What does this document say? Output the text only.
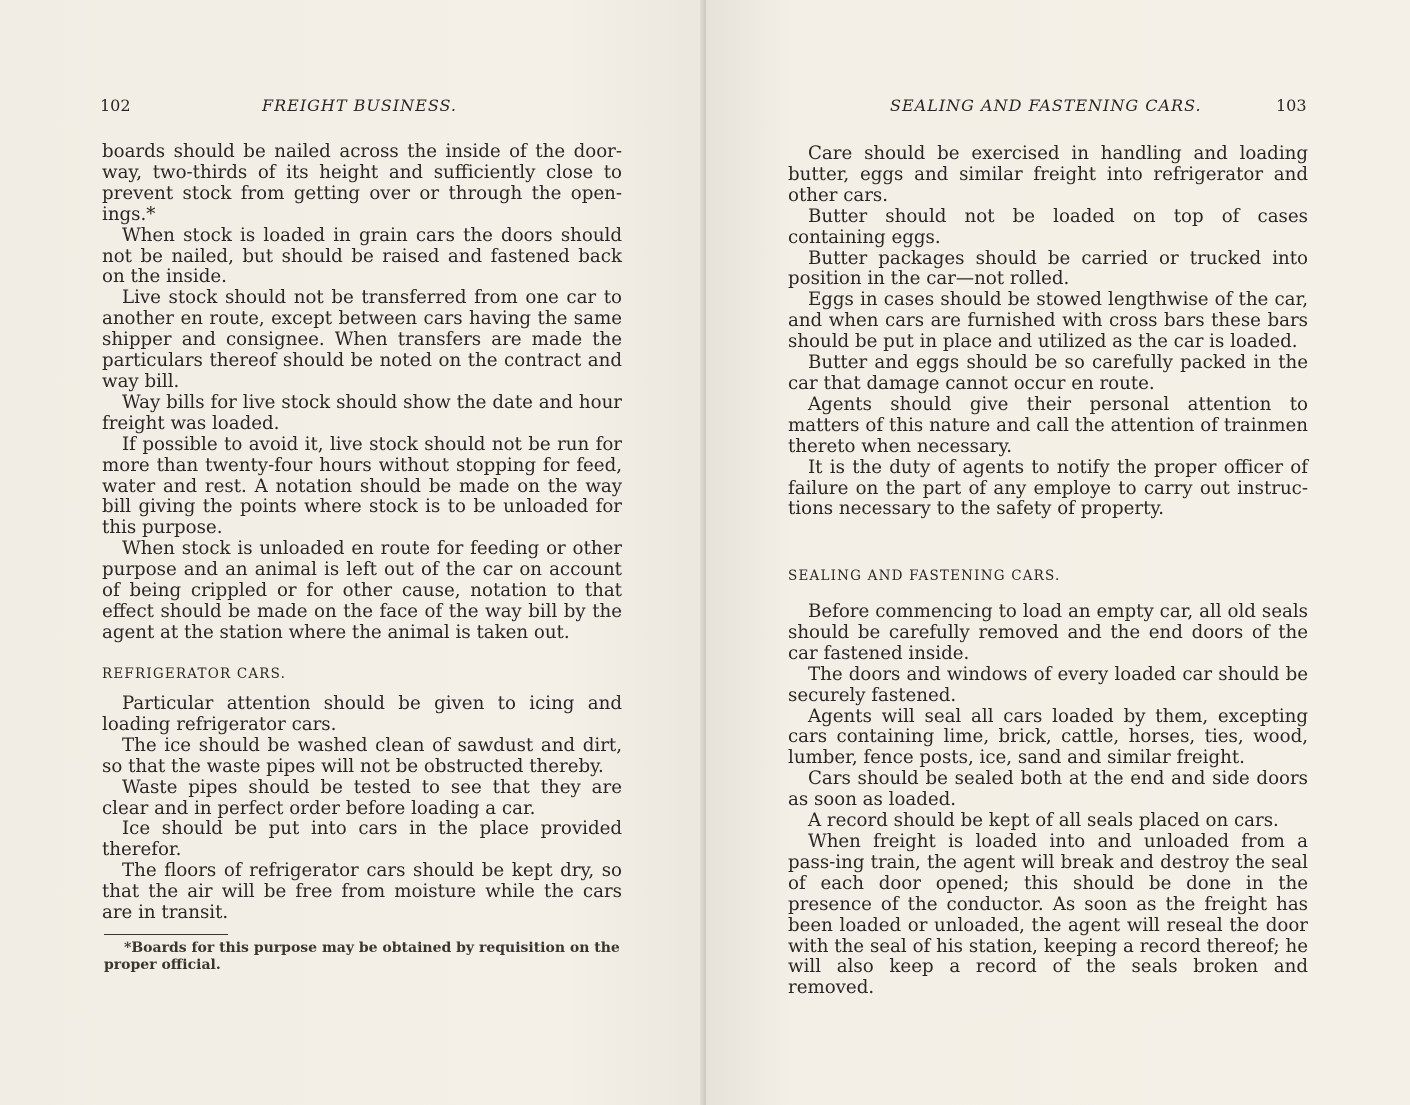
102	FREIGHT BUSINESS.

boards should be nailed across the inside of the door-way, two-thirds of its height and sufficiently close to prevent stock from getting over or through the open-ings.*

When stock is loaded in grain cars the doors should not be nailed, but should be raised and fastened back on the inside.

Live stock should not be transferred from one car to another en route, except between cars having the same shipper and consignee. When transfers are made the particulars thereof should be noted on the contract and way bill.

Way bills for live stock should show the date and hour freight was loaded.

If possible to avoid it, live stock should not be run for more than twenty-four hours without stopping for feed, water and rest. A notation should be made on the way bill giving the points where stock is to be unloaded for this purpose.

When stock is unloaded en route for feeding or other purpose and an animal is left out of the car on account of being crippled or for other cause, notation to that effect should be made on the face of the way bill by the agent at the station where the animal is taken out.

REFRIGERATOR CARS.

Particular attention should be given to icing and loading refrigerator cars.

The ice should be washed clean of sawdust and dirt, so that the waste pipes will not be obstructed thereby.

Waste pipes should be tested to see that they are clear and in perfect order before loading a car.

Ice should be put into cars in the place provided therefor.

The floors of refrigerator cars should be kept dry, so that the air will be free from moisture while the cars are in transit.

*Boards for this purpose may be obtained by requisition on the proper official.
SEALING AND FASTENING CARS.	103

Care should be exercised in handling and loading butter, eggs and similar freight into refrigerator and other cars.

Butter should not be loaded on top of cases containing eggs.

Butter packages should be carried or trucked into position in the car—not rolled.

Eggs in cases should be stowed lengthwise of the car, and when cars are furnished with cross bars these bars should be put in place and utilized as the car is loaded.

Butter and eggs should be so carefully packed in the car that damage cannot occur en route.

Agents should give their personal attention to matters of this nature and call the attention of trainmen thereto when necessary.

It is the duty of agents to notify the proper officer of failure on the part of any employe to carry out instruc-tions necessary to the safety of property.

SEALING AND FASTENING CARS.

Before commencing to load an empty car, all old seals should be carefully removed and the end doors of the car fastened inside.

The doors and windows of every loaded car should be securely fastened.

Agents will seal all cars loaded by them, excepting cars containing lime, brick, cattle, horses, ties, wood, lumber, fence posts, ice, sand and similar freight.

Cars should be sealed both at the end and side doors as soon as loaded.

A record should be kept of all seals placed on cars.

When freight is loaded into and unloaded from a pass-ing train, the agent will break and destroy the seal of each door opened; this should be done in the presence of the conductor. As soon as the freight has been loaded or unloaded, the agent will reseal the door with the seal of his station, keeping a record thereof; he will also keep a record of the seals broken and removed.
